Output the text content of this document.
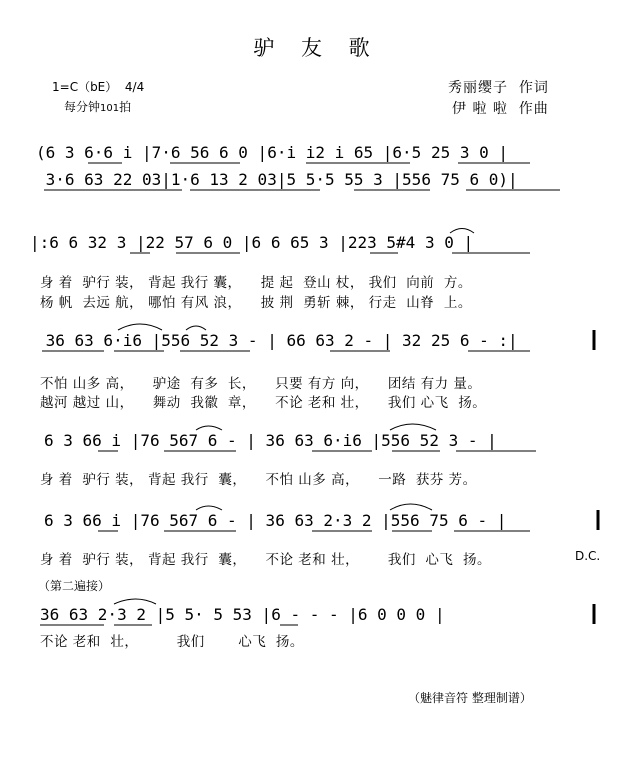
驴 友 歌
1=C（bE）  4/4
每分钟101拍
秀丽缨子  作词
伊 啦 啦  作曲
(6 3 6·6 i |7·6 56 6 0 |6·i i2 i 65 |6·5 25 3 0 |
3·6 63 22 03|1·6 13 2 03|5 5·5 55 3 |556 75 6 0)|
|:6 6 32 3 |22 57 6 0 |6 6 65 3 |223 5#4 3 0 |
身 着  驴行 装， 背起 我行 囊，    提 起  登山 杖， 我们  向前  方。
杨 帆  去远 航， 哪怕 有风 浪，    披 荆  勇斩 棘， 行走  山脊  上。
36 63 6·i6 |556 52 3 - | 66 63 2 - | 32 25 6 - :|
不怕 山多 高，    驴途  有多  长，    只要 有方 向，    团结 有力 量。
越河 越过 山，    舞动  我徽  章，    不论 老和 壮，    我们 心飞  扬。
6 3 66 i |76 567 6 - | 36 63 6·i6 |556 52 3 - |
身 着  驴行 装， 背起 我行  囊，    不怕 山多 高，    一路  获芬 芳。
6 3 66 i |76 567 6 - | 36 63 2·3 2 |556 75 6 - |
身 着  驴行 装， 背起 我行  囊，    不论 老和 壮，      我们  心飞  扬。	D.C.
（第二遍接）
36 63 2·3 2 |5 5· 5 53 |6 - - - |6 0 0 0 |
不论 老和  壮，        我们       心飞  扬。
（魅律音符 整理制谱）
